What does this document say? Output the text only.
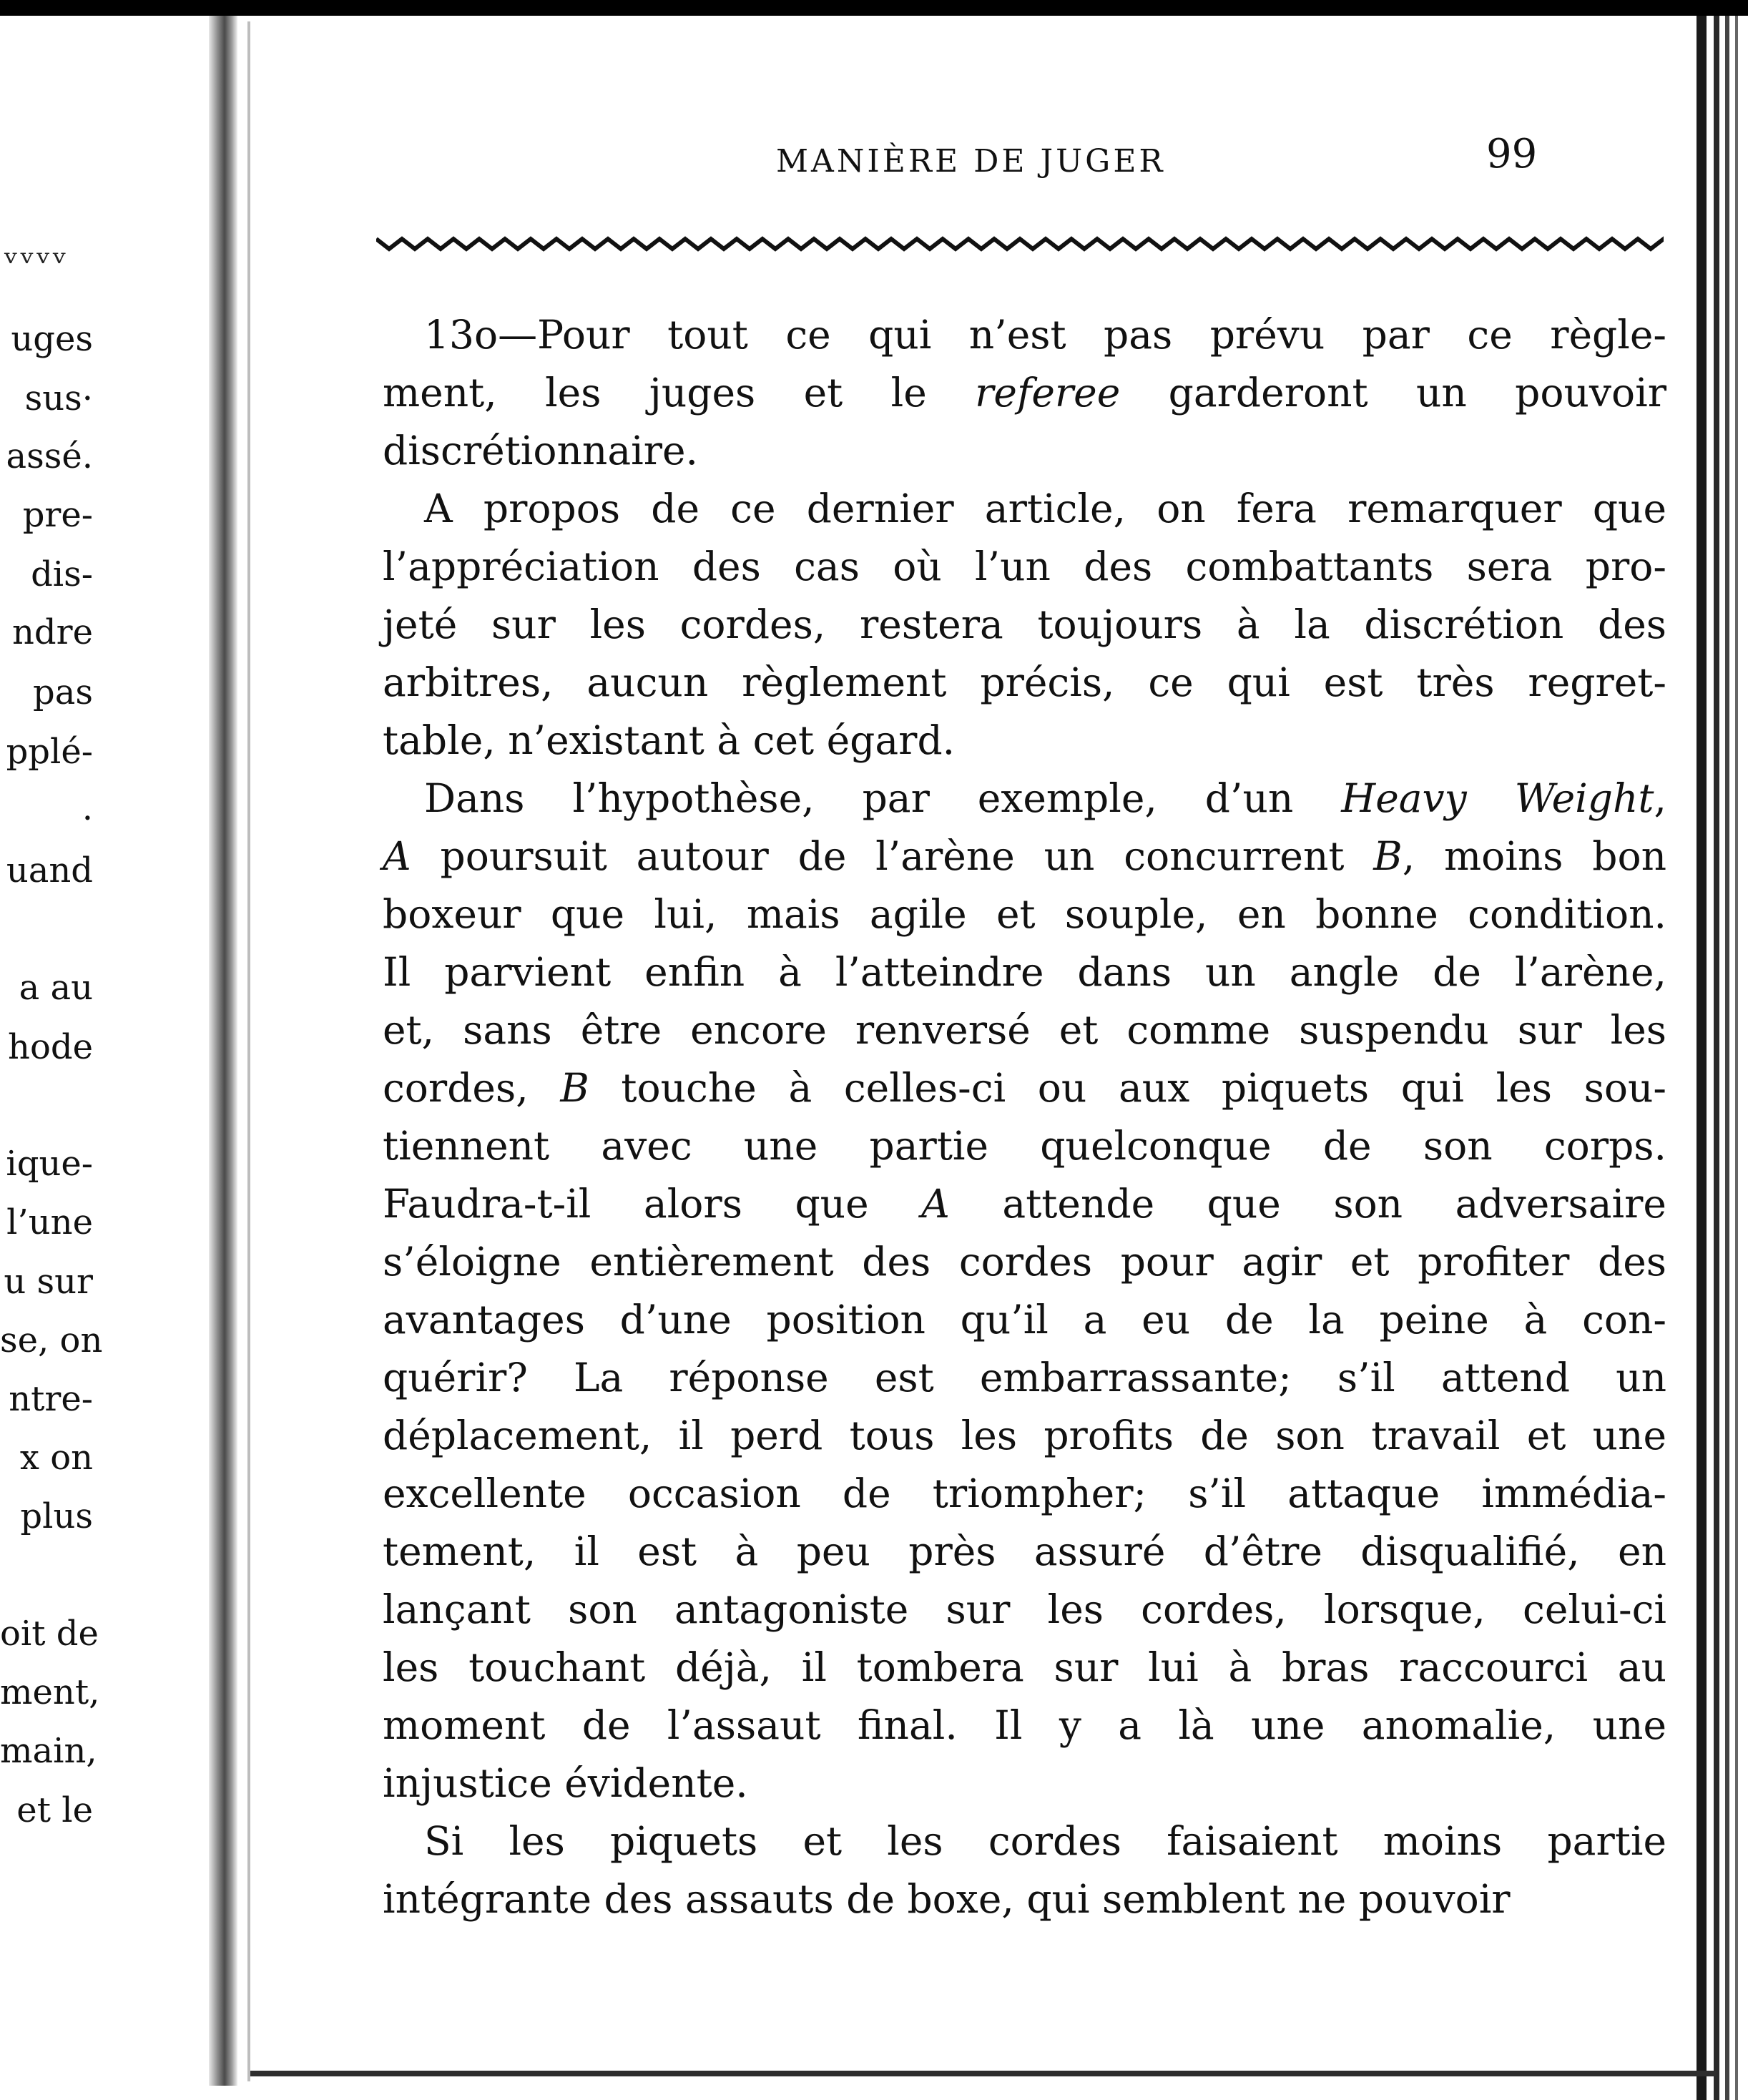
ᵥᵥᵥᵥ
uges
sus·
assé.
pre-
dis-
ndre
pas
pplé-
.
uand
a au
hode
ique-
l’une
u sur
se, on
ntre-
x on
plus
oit de
ment,
main,
et le
MANIÈRE DE JUGER	99
13o—Pour tout ce qui n’est pas prévu par ce règle-
ment, les juges et le referee garderont un pouvoir
discrétionnaire.
A propos de ce dernier article, on fera remarquer que
l’appréciation des cas où l’un des combattants sera pro-
jeté sur les cordes, restera toujours à la discrétion des
arbitres, aucun règlement précis, ce qui est très regret-
table, n’existant à cet égard.
Dans l’hypothèse, par exemple, d’un Heavy Weight,
A poursuit autour de l’arène un concurrent B, moins bon
boxeur que lui, mais agile et souple, en bonne condition.
Il parvient enfin à l’atteindre dans un angle de l’arène,
et, sans être encore renversé et comme suspendu sur les
cordes, B touche à celles-ci ou aux piquets qui les sou-
tiennent avec une partie quelconque de son corps.
Faudra-t-il alors que A attende que son adversaire
s’éloigne entièrement des cordes pour agir et profiter des
avantages d’une position qu’il a eu de la peine à con-
quérir? La réponse est embarrassante; s’il attend un
déplacement, il perd tous les profits de son travail et une
excellente occasion de triompher; s’il attaque immédia-
tement, il est à peu près assuré d’être disqualifié, en
lançant son antagoniste sur les cordes, lorsque, celui-ci
les touchant déjà, il tombera sur lui à bras raccourci au
moment de l’assaut final. Il y a là une anomalie, une
injustice évidente.
Si les piquets et les cordes faisaient moins partie
intégrante des assauts de boxe, qui semblent ne pouvoir
